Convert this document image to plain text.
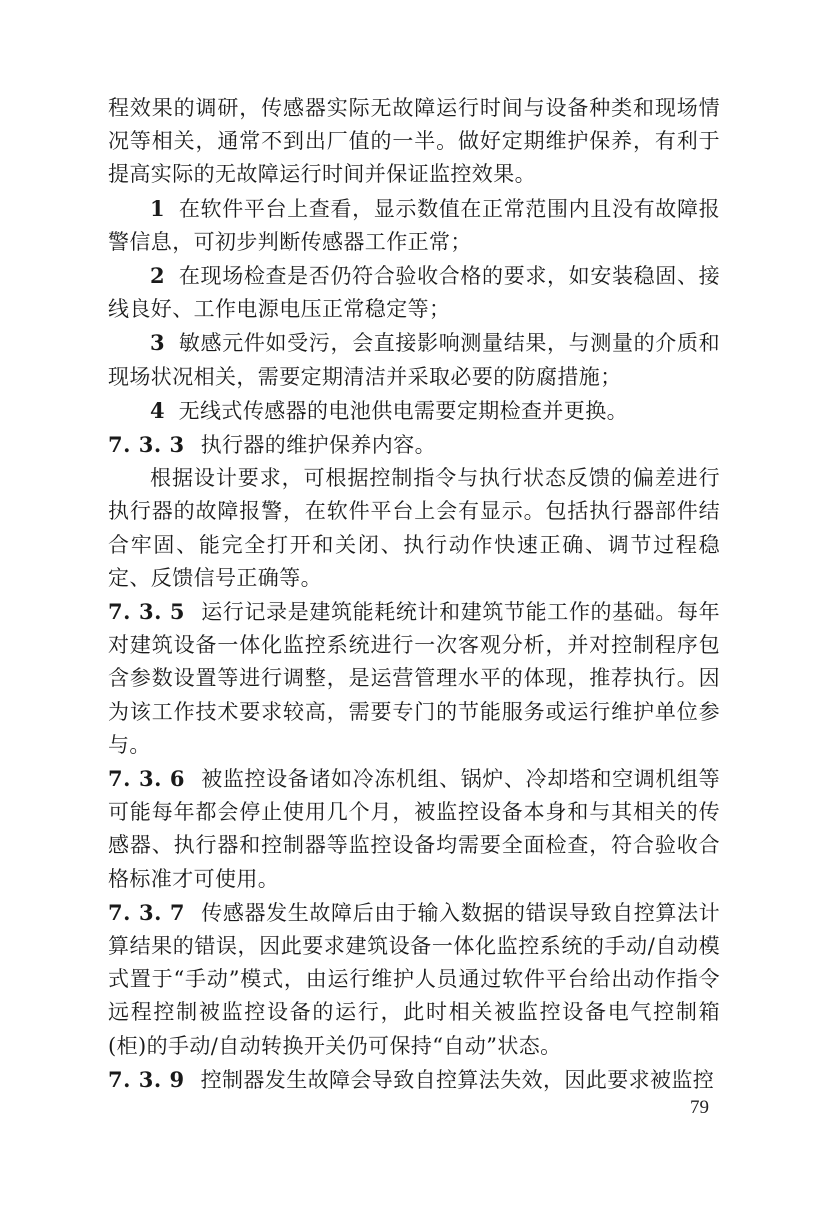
程效果的调研，传感器实际无故障运行时间与设备种类和现场情况等相关，通常不到出厂值的一半。做好定期维护保养，有利于提高实际的无故障运行时间并保证监控效果。

1 在软件平台上查看，显示数值在正常范围内且没有故障报警信息，可初步判断传感器工作正常；

2 在现场检查是否仍符合验收合格的要求，如安装稳固、接线良好、工作电源电压正常稳定等；

3 敏感元件如受污，会直接影响测量结果，与测量的介质和现场状况相关，需要定期清洁并采取必要的防腐措施；

4 无线式传感器的电池供电需要定期检查并更换。

7. 3. 3 执行器的维护保养内容。

根据设计要求，可根据控制指令与执行状态反馈的偏差进行执行器的故障报警，在软件平台上会有显示。包括执行器部件结合牢固、能完全打开和关闭、执行动作快速正确、调节过程稳定、反馈信号正确等。

7. 3. 5 运行记录是建筑能耗统计和建筑节能工作的基础。每年对建筑设备一体化监控系统进行一次客观分析，并对控制程序包含参数设置等进行调整，是运营管理水平的体现，推荐执行。因为该工作技术要求较高，需要专门的节能服务或运行维护单位参与。

7. 3. 6 被监控设备诸如冷冻机组、锅炉、冷却塔和空调机组等可能每年都会停止使用几个月，被监控设备本身和与其相关的传感器、执行器和控制器等监控设备均需要全面检查，符合验收合格标准才可使用。

7. 3. 7 传感器发生故障后由于输入数据的错误导致自控算法计算结果的错误，因此要求建筑设备一体化监控系统的手动/自动模式置于“手动”模式，由运行维护人员通过软件平台给出动作指令远程控制被监控设备的运行，此时相关被监控设备电气控制箱(柜)的手动/自动转换开关仍可保持“自动”状态。

7. 3. 9 控制器发生故障会导致自控算法失效，因此要求被监控

79
